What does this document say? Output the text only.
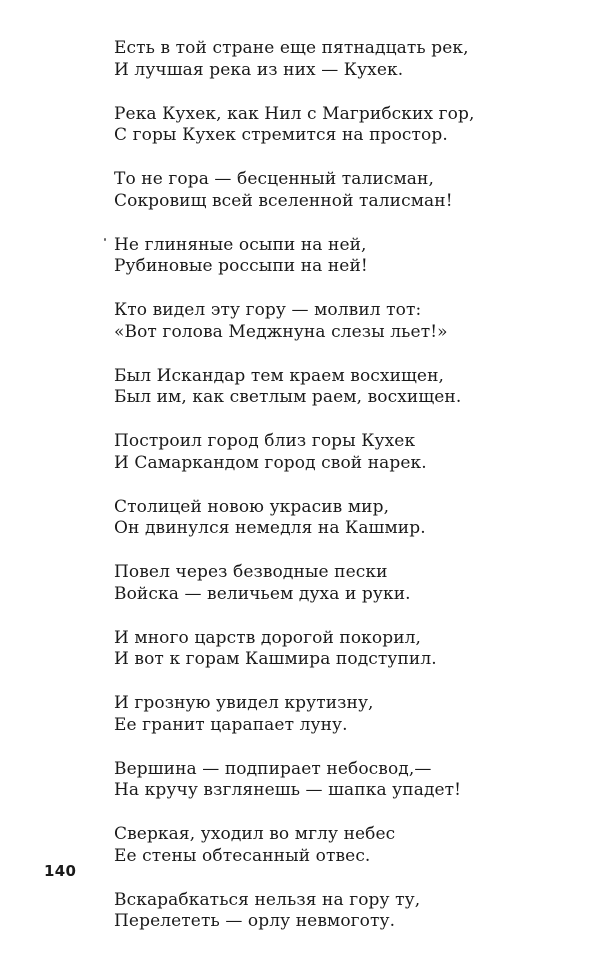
Есть в той стране еще пятнадцать рек,
И лучшая река из них — Кухек.
Река Кухек, как Нил с Магрибских гор,
С горы Кухек стремится на простор.
То не гора — бесценный талисман,
Сокровищ всей вселенной талисман!
Не глиняные осыпи на ней,
Рубиновые россыпи на ней!
Кто видел эту гору — молвил тот:
«Вот голова Меджнуна слезы льет!»
Был Искандар тем краем восхищен,
Был им, как светлым раем, восхищен.
Построил город близ горы Кухек
И Самаркандом город свой нарек.
Столицей новою украсив мир,
Он двинулся немедля на Кашмир.
Повел через безводные пески
Войска — величьем духа и руки.
И много царств дорогой покорил,
И вот к горам Кашмира подступил.
И грозную увидел крутизну,
Ее гранит царапает луну.
Вершина — подпирает небосвод,—
На кручу взглянешь — шапка упадет!
Сверкая, уходил во мглу небес
Ее стены обтесанный отвес.
Вскарабкаться нельзя на гору ту,
Перелететь — орлу невмоготу.
140
